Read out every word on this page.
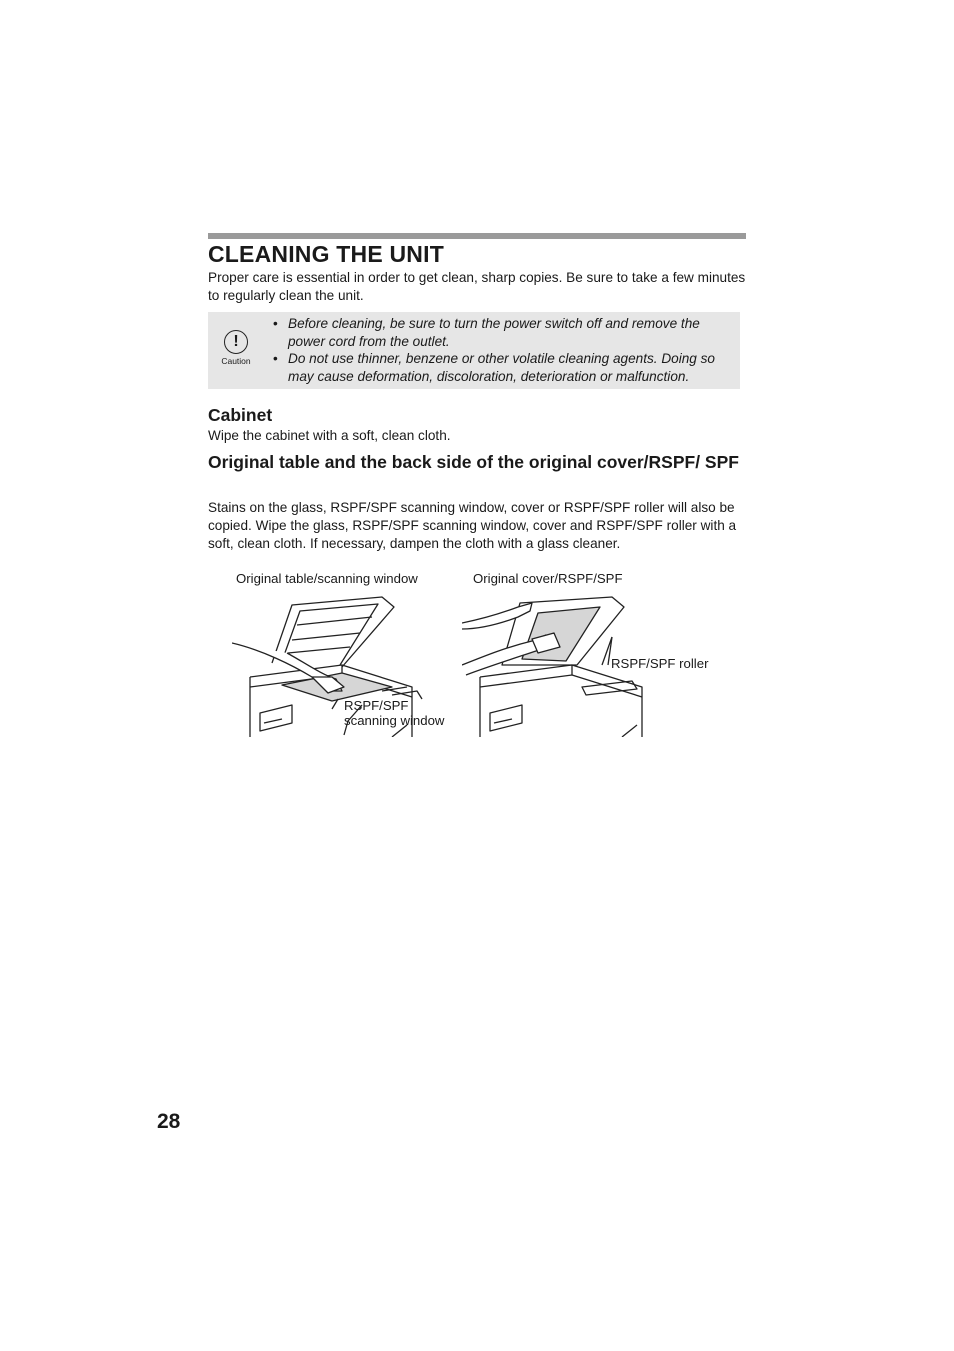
CLEANING THE UNIT

Proper care is essential in order to get clean, sharp copies. Be sure to take a few minutes to regularly clean the unit.

!
Caution
• Before cleaning, be sure to turn the power switch off and remove the power cord from the outlet.
• Do not use thinner, benzene or other volatile cleaning agents. Doing so may cause deformation, discoloration, deterioration or malfunction.
Cabinet

Wipe the cabinet with a soft, clean cloth.

Original table and the back side of the original cover/RSPF/ SPF

Stains on the glass, RSPF/SPF scanning window, cover or RSPF/SPF roller will also be copied. Wipe the glass, RSPF/SPF scanning window, cover and RSPF/SPF roller with a soft, clean cloth. If necessary, dampen the cloth with a glass cleaner.

Original table/scanning window	Original cover/RSPF/SPF
RSPF/SPF roller
RSPF/SPF
scanning window

28
